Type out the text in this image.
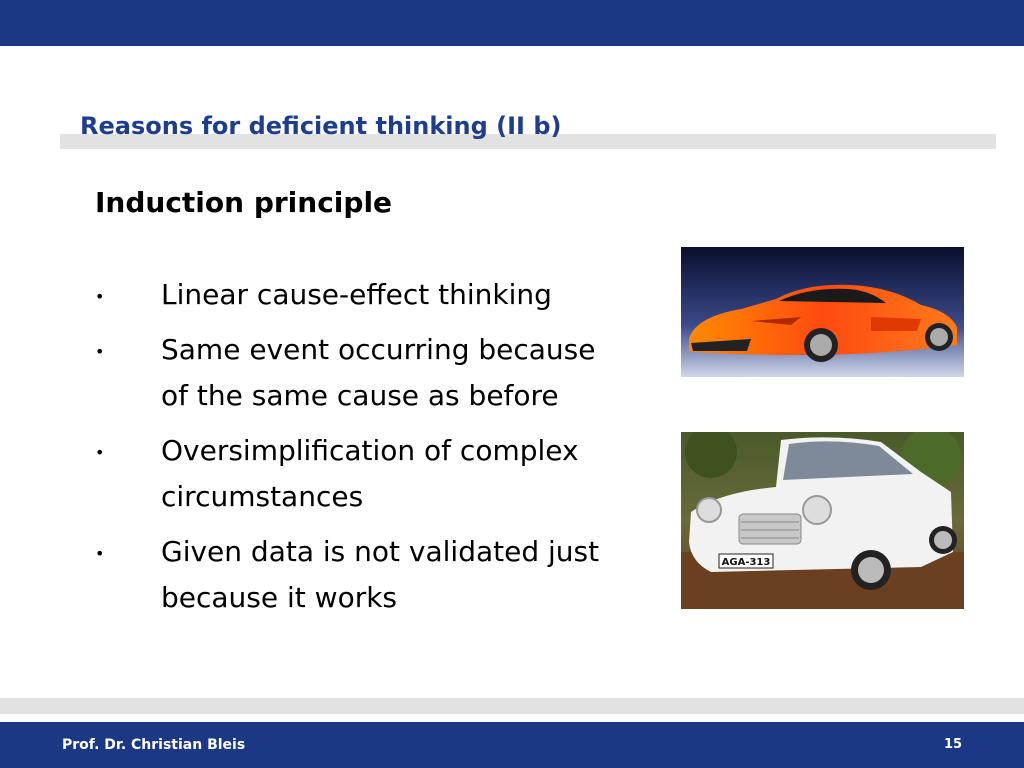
Reasons for deficient thinking (II b)
Induction principle
• Linear cause-effect thinking
• Same event occurring because of the same cause as before
• Oversimplification of complex circumstances
• Given data is not validated just because it works
AGA-313
Prof. Dr. Christian Bleis	15
